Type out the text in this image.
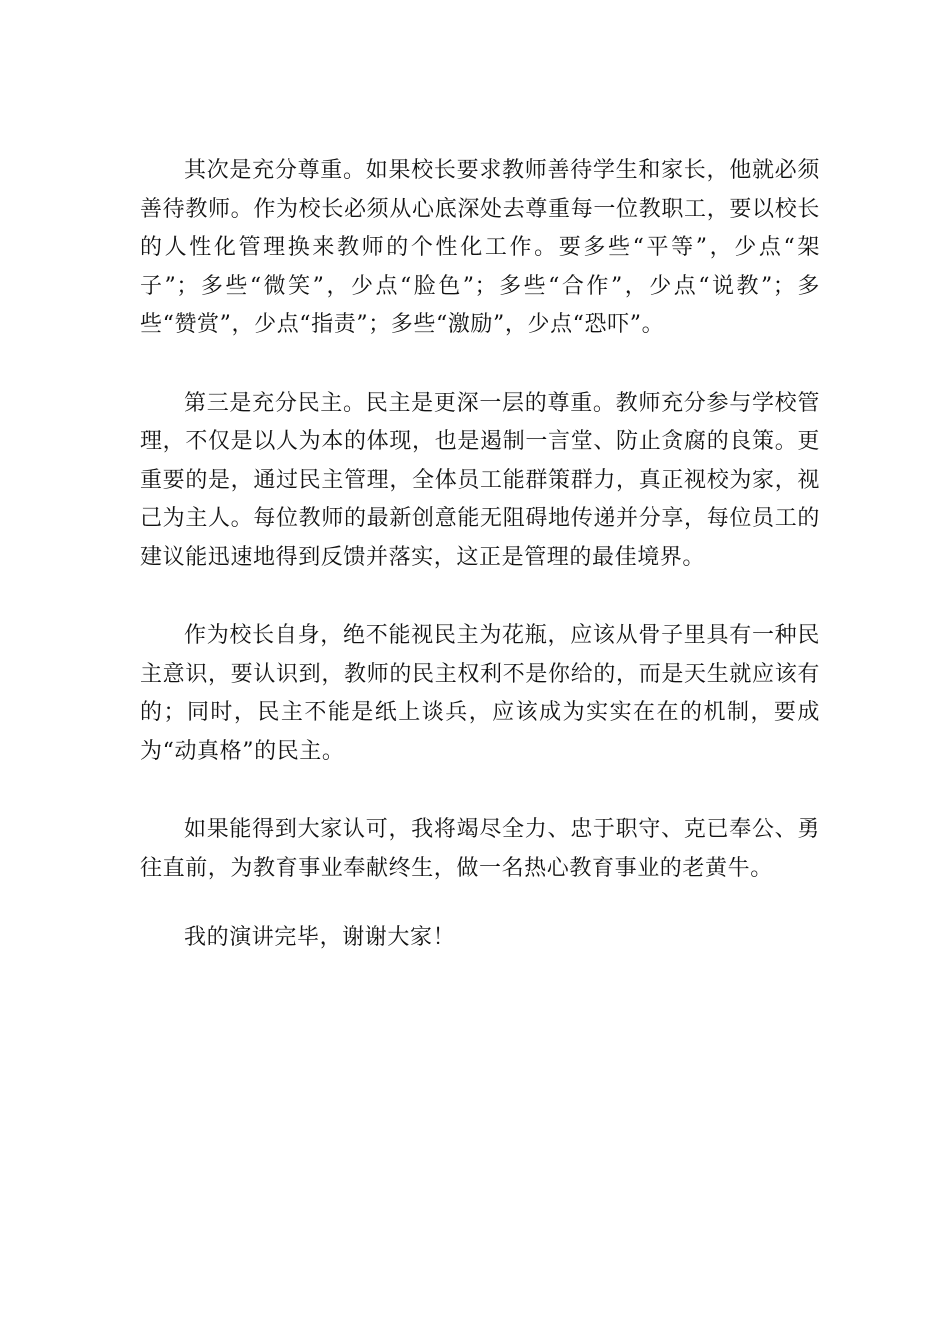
其次是充分尊重。如果校长要求教师善待学生和家长，他就必须善待教师。作为校长必须从心底深处去尊重每一位教职工，要以校长的人性化管理换来教师的个性化工作。要多些“平等”，少点“架子”；多些“微笑”，少点“脸色”；多些“合作”，少点“说教”；多些“赞赏”，少点“指责”；多些“激励”，少点“恐吓”。

第三是充分民主。民主是更深一层的尊重。教师充分参与学校管理，不仅是以人为本的体现，也是遏制一言堂、防止贪腐的良策。更重要的是，通过民主管理，全体员工能群策群力，真正视校为家，视己为主人。每位教师的最新创意能无阻碍地传递并分享，每位员工的建议能迅速地得到反馈并落实，这正是管理的最佳境界。

作为校长自身，绝不能视民主为花瓶，应该从骨子里具有一种民主意识，要认识到，教师的民主权利不是你给的，而是天生就应该有的；同时，民主不能是纸上谈兵，应该成为实实在在的机制，要成为“动真格”的民主。

如果能得到大家认可，我将竭尽全力、忠于职守、克已奉公、勇往直前，为教育事业奉献终生，做一名热心教育事业的老黄牛。

我的演讲完毕，谢谢大家！
